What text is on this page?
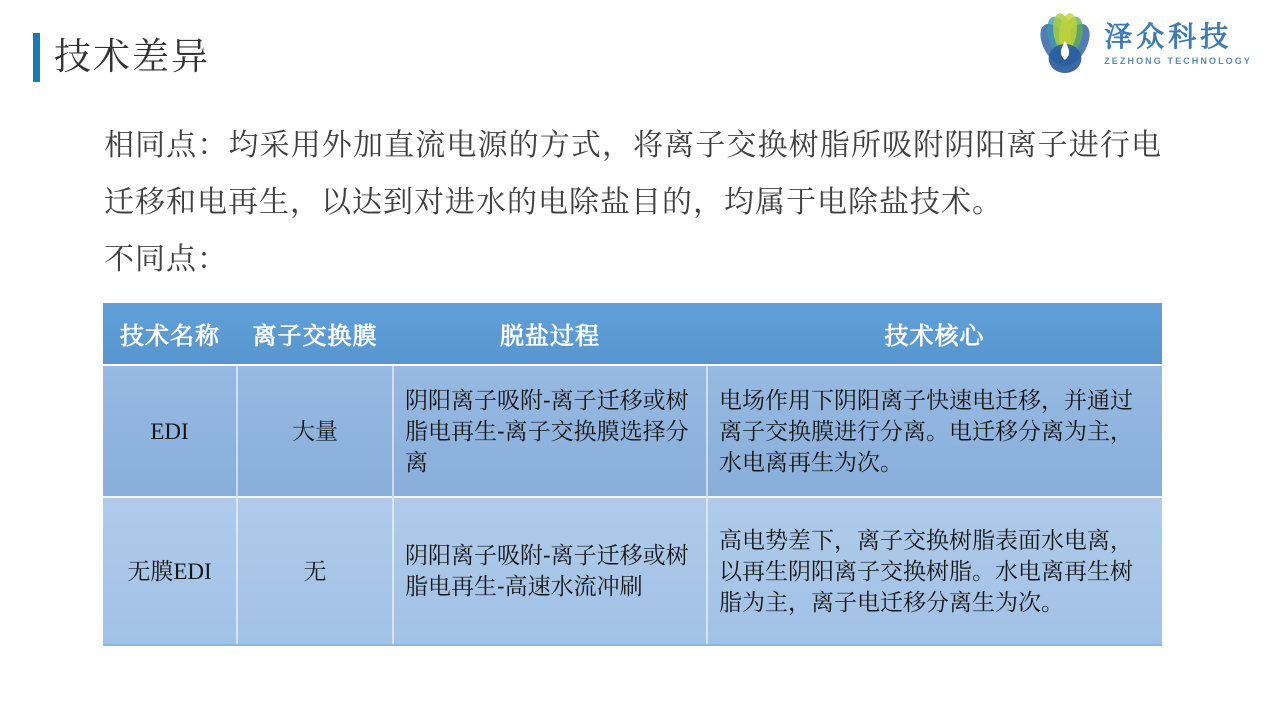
技术差异	泽众科技
ZEZHONG TECHNOLOGY
相同点：均采用外加直流电源的方式，将离子交换树脂所吸附阴阳离子进行电迁移和电再生，以达到对进水的电除盐目的，均属于电除盐技术。
不同点：
技术名称	离子交换膜	脱盐过程	技术核心
EDI	大量	阴阳离子吸附-离子迁移或树脂电再生-离子交换膜选择分离	电场作用下阴阳离子快速电迁移，并通过离子交换膜进行分离。电迁移分离为主，水电离再生为次。
无膜EDI	无	阴阳离子吸附-离子迁移或树脂电再生-高速水流冲刷	高电势差下，离子交换树脂表面水电离，以再生阴阳离子交换树脂。水电离再生树脂为主，离子电迁移分离生为次。
